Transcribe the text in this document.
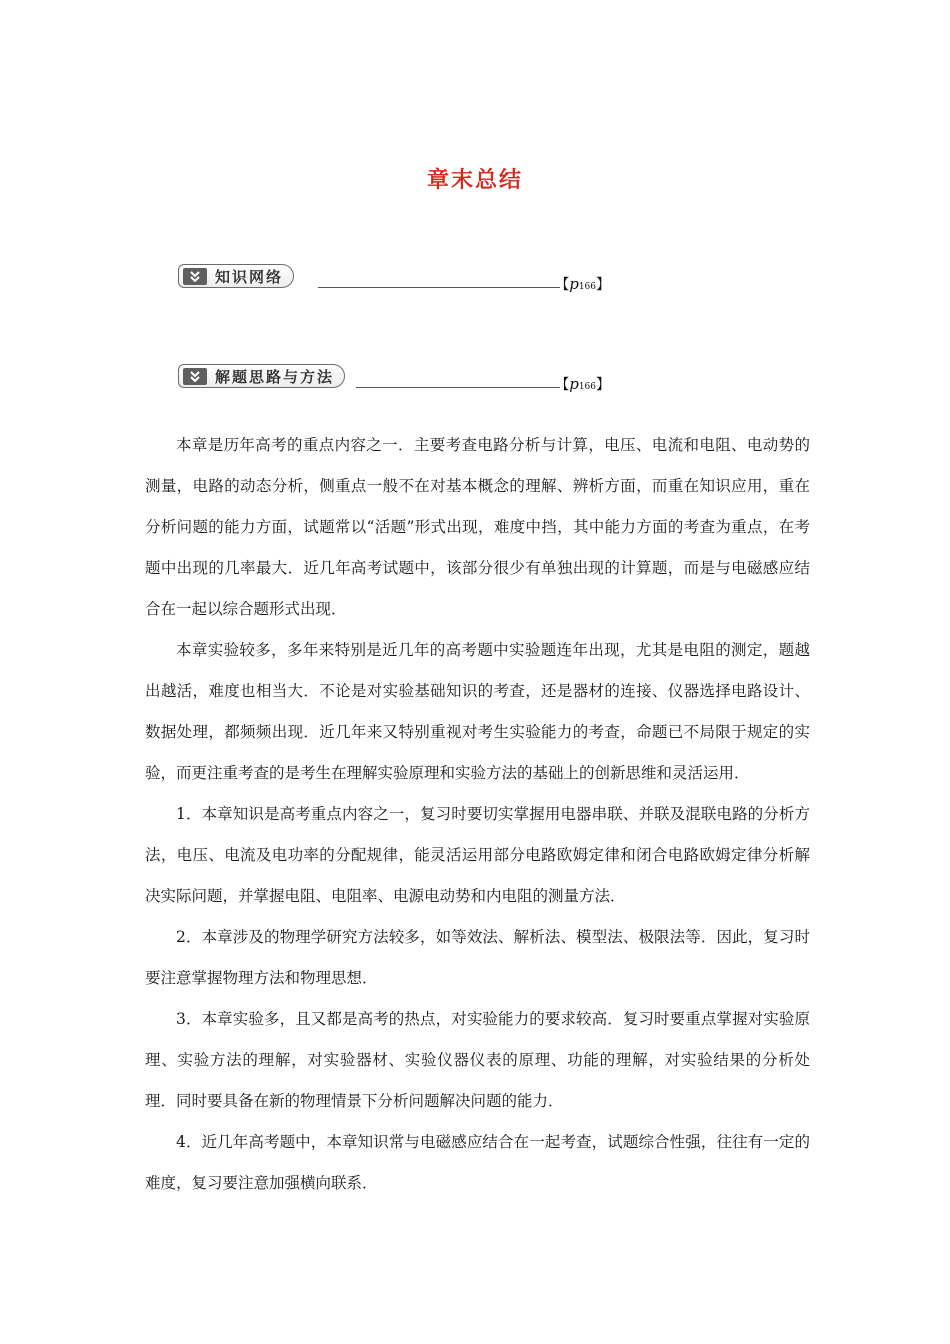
章末总结
知识网络	【p166】
解题思路与方法	【p166】

本章是历年高考的重点内容之一．主要考查电路分析与计算，电压、电流和电阻、电动势的测量，电路的动态分析，侧重点一般不在对基本概念的理解、辨析方面，而重在知识应用，重在分析问题的能力方面，试题常以“活题”形式出现，难度中挡，其中能力方面的考查为重点，在考题中出现的几率最大．近几年高考试题中，该部分很少有单独出现的计算题，而是与电磁感应结合在一起以综合题形式出现．

本章实验较多，多年来特别是近几年的高考题中实验题连年出现，尤其是电阻的测定，题越出越活，难度也相当大．不论是对实验基础知识的考查，还是器材的连接、仪器选择电路设计、数据处理，都频频出现．近几年来又特别重视对考生实验能力的考查，命题已不局限于规定的实验，而更注重考查的是考生在理解实验原理和实验方法的基础上的创新思维和灵活运用．

1．本章知识是高考重点内容之一，复习时要切实掌握用电器串联、并联及混联电路的分析方法，电压、电流及电功率的分配规律，能灵活运用部分电路欧姆定律和闭合电路欧姆定律分析解决实际问题，并掌握电阻、电阻率、电源电动势和内电阻的测量方法．

2．本章涉及的物理学研究方法较多，如等效法、解析法、模型法、极限法等．因此，复习时要注意掌握物理方法和物理思想．

3．本章实验多，且又都是高考的热点，对实验能力的要求较高．复习时要重点掌握对实验原理、实验方法的理解，对实验器材、实验仪器仪表的原理、功能的理解，对实验结果的分析处理．同时要具备在新的物理情景下分析问题解决问题的能力．

4．近几年高考题中，本章知识常与电磁感应结合在一起考查，试题综合性强，往往有一定的难度，复习要注意加强横向联系．
